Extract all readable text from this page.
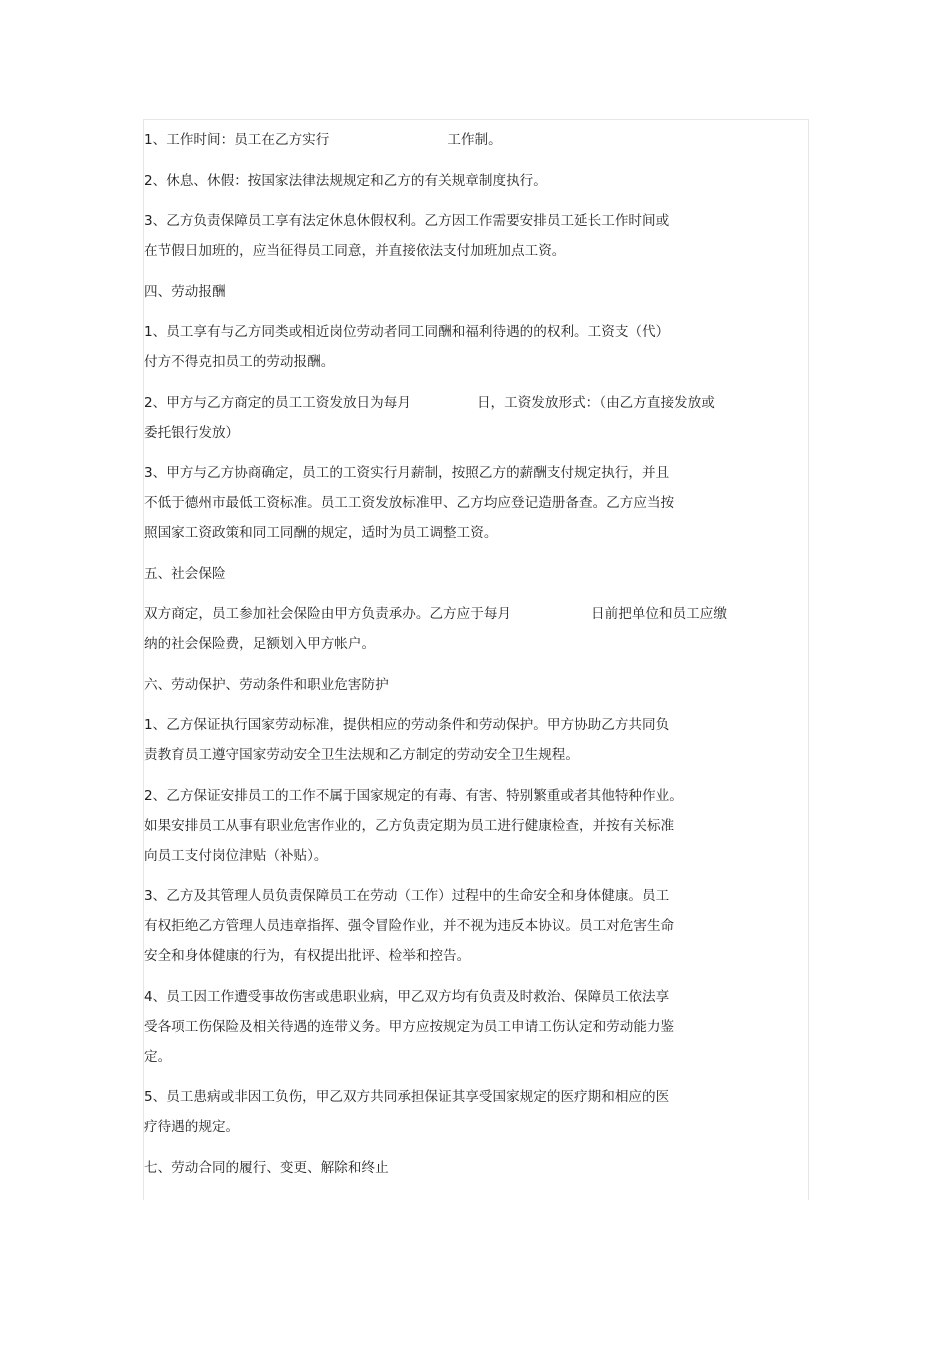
1、工作时间：员工在乙方实行	工作制。

2、休息、休假：按国家法律法规规定和乙方的有关规章制度执行。

3、乙方负责保障员工享有法定休息休假权利。乙方因工作需要安排员工延长工作时间或
在节假日加班的，应当征得员工同意，并直接依法支付加班加点工资。

四、劳动报酬

1、员工享有与乙方同类或相近岗位劳动者同工同酬和福利待遇的的权利。工资支（代）
付方不得克扣员工的劳动报酬。

2、甲方与乙方商定的员工工资发放日为每月	日，工资发放形式：（由乙方直接发放或
委托银行发放）

3、甲方与乙方协商确定，员工的工资实行月薪制，按照乙方的薪酬支付规定执行，并且
不低于德州市最低工资标准。员工工资发放标准甲、乙方均应登记造册备查。乙方应当按
照国家工资政策和同工同酬的规定，适时为员工调整工资。

五、社会保险

双方商定，员工参加社会保险由甲方负责承办。乙方应于每月	日前把单位和员工应缴
纳的社会保险费，足额划入甲方帐户。

六、劳动保护、劳动条件和职业危害防护

1、乙方保证执行国家劳动标准，提供相应的劳动条件和劳动保护。甲方协助乙方共同负
责教育员工遵守国家劳动安全卫生法规和乙方制定的劳动安全卫生规程。

2、乙方保证安排员工的工作不属于国家规定的有毒、有害、特别繁重或者其他特种作业。
如果安排员工从事有职业危害作业的，乙方负责定期为员工进行健康检查，并按有关标准
向员工支付岗位津贴（补贴）。

3、乙方及其管理人员负责保障员工在劳动（工作）过程中的生命安全和身体健康。员工
有权拒绝乙方管理人员违章指挥、强令冒险作业，并不视为违反本协议。员工对危害生命
安全和身体健康的行为，有权提出批评、检举和控告。

4、员工因工作遭受事故伤害或患职业病，甲乙双方均有负责及时救治、保障员工依法享
受各项工伤保险及相关待遇的连带义务。甲方应按规定为员工申请工伤认定和劳动能力鉴
定。

5、员工患病或非因工负伤，甲乙双方共同承担保证其享受国家规定的医疗期和相应的医
疗待遇的规定。

七、劳动合同的履行、变更、解除和终止
